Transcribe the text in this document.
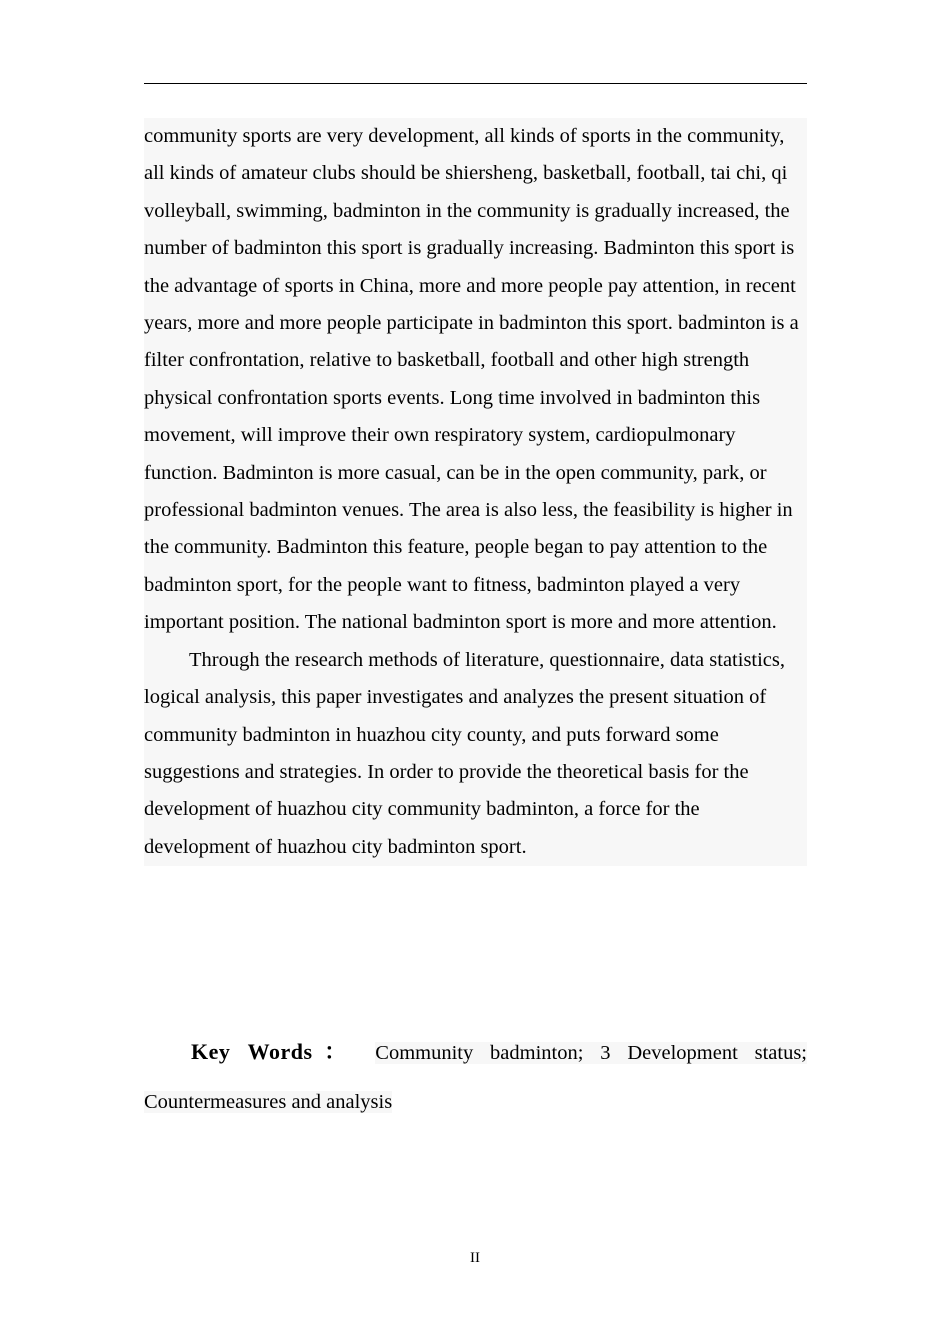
community sports are very development, all kinds of sports in the community, all kinds of amateur clubs should be shiersheng, basketball, football, tai chi, qi volleyball, swimming, badminton in the community is gradually increased, the number of badminton this sport is gradually increasing. Badminton this sport is the advantage of sports in China, more and more people pay attention, in recent years, more and more people participate in badminton this sport. badminton is a filter confrontation, relative to basketball, football and other high strength physical confrontation sports events. Long time involved in badminton this movement, will improve their own respiratory system, cardiopulmonary function. Badminton is more casual, can be in the open community, park, or professional badminton venues. The area is also less, the feasibility is higher in the community. Badminton this feature, people began to pay attention to the badminton sport, for the people want to fitness, badminton played a very important position. The national badminton sport is more and more attention.

Through the research methods of literature, questionnaire, data statistics, logical analysis, this paper investigates and analyzes the present situation of community badminton in huazhou city county, and puts forward some suggestions and strategies. In order to provide the theoretical basis for the development of huazhou city community badminton, a force for the development of huazhou city badminton sport.

Key Words： Community badminton; 3 Development status; Countermeasures and analysis
II
